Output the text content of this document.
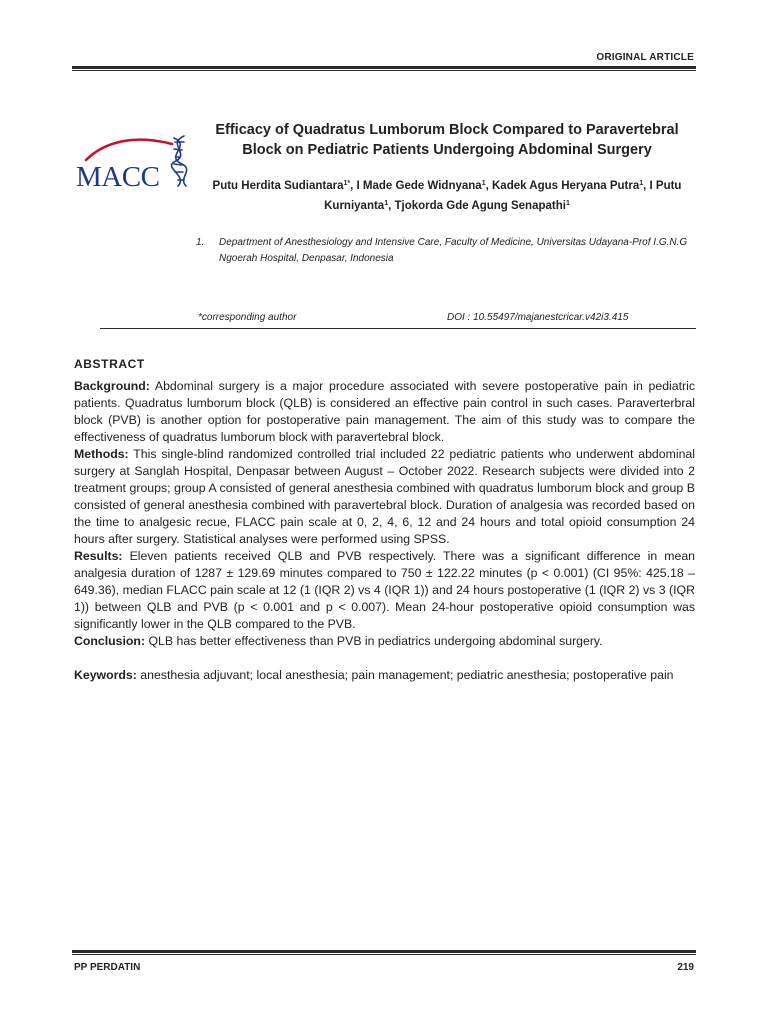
ORIGINAL ARTICLE
MACC
Efficacy of Quadratus Lumborum Block Compared to Paravertebral Block on Pediatric Patients Undergoing Abdominal Surgery
Putu Herdita Sudiantara$^{1*}$, I Made Gede Widnyana$^1$, Kadek Agus Heryana Putra$^1$, I Putu Kurniyanta$^1$, Tjokorda Gde Agung Senapathi$^1$
1. Department of Anesthesiology and Intensive Care, Faculty of Medicine, Universitas Udayana-Prof I.G.N.G Ngoerah Hospital, Denpasar, Indonesia
*corresponding author	DOI : 10.55497/majanestcricar.v42i3.415
ABSTRACT

Background: Abdominal surgery is a major procedure associated with severe postoperative pain in pediatric patients. Quadratus lumborum block (QLB) is considered an effective pain control in such cases. Paraverterbral block (PVB) is another option for postoperative pain management. The aim of this study was to compare the effectiveness of quadratus lumborum block with paravertebral block.
Methods: This single-blind randomized controlled trial included 22 pediatric patients who underwent abdominal surgery at Sanglah Hospital, Denpasar between August – October 2022. Research subjects were divided into 2 treatment groups; group A consisted of general anesthesia combined with quadratus lumborum block and group B consisted of general anesthesia combined with paravertebral block. Duration of analgesia was recorded based on the time to analgesic recue, FLACC pain scale at 0, 2, 4, 6, 12 and 24 hours and total opioid consumption 24 hours after surgery. Statistical analyses were performed using SPSS.
Results: Eleven patients received QLB and PVB respectively. There was a significant difference in mean analgesia duration of 1287 ± 129.69 minutes compared to 750 ± 122.22 minutes (p < 0.001) (CI 95%: 425.18 – 649.36), median FLACC pain scale at 12 (1 (IQR 2) vs 4 (IQR 1)) and 24 hours postoperative (1 (IQR 2) vs 3 (IQR 1)) between QLB and PVB (p < 0.001 and p < 0.007). Mean 24-hour postoperative opioid consumption was significantly lower in the QLB compared to the PVB.
Conclusion: QLB has better effectiveness than PVB in pediatrics undergoing abdominal surgery.

Keywords: anesthesia adjuvant; local anesthesia; pain management; pediatric anesthesia; postoperative pain

PP PERDATIN	219
